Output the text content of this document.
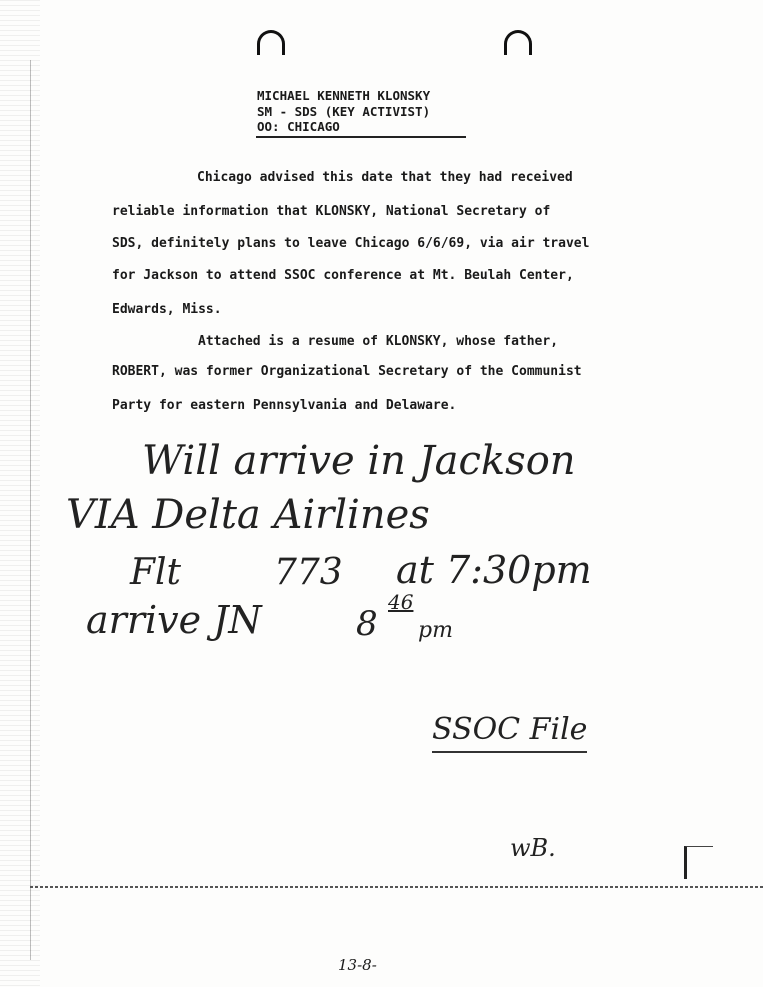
MICHAEL KENNETH KLONSKY
SM - SDS (KEY ACTIVIST)
OO: CHICAGO
Chicago advised this date that they had received
reliable information that KLONSKY, National Secretary of
SDS, definitely plans to leave Chicago 6/6/69, via air travel
for Jackson to attend SSOC conference at Mt. Beulah Center,
Edwards, Miss.
Attached is a resume of KLONSKY, whose father,
ROBERT, was former Organizational Secretary of the Communist
Party for eastern Pennsylvania and Delaware.
Will arrive in Jackson
VIA Delta Airlines
Flt	773 at 7:30pm
arrive JN	8
46
pm
SSOC File
wB.
13-8-
